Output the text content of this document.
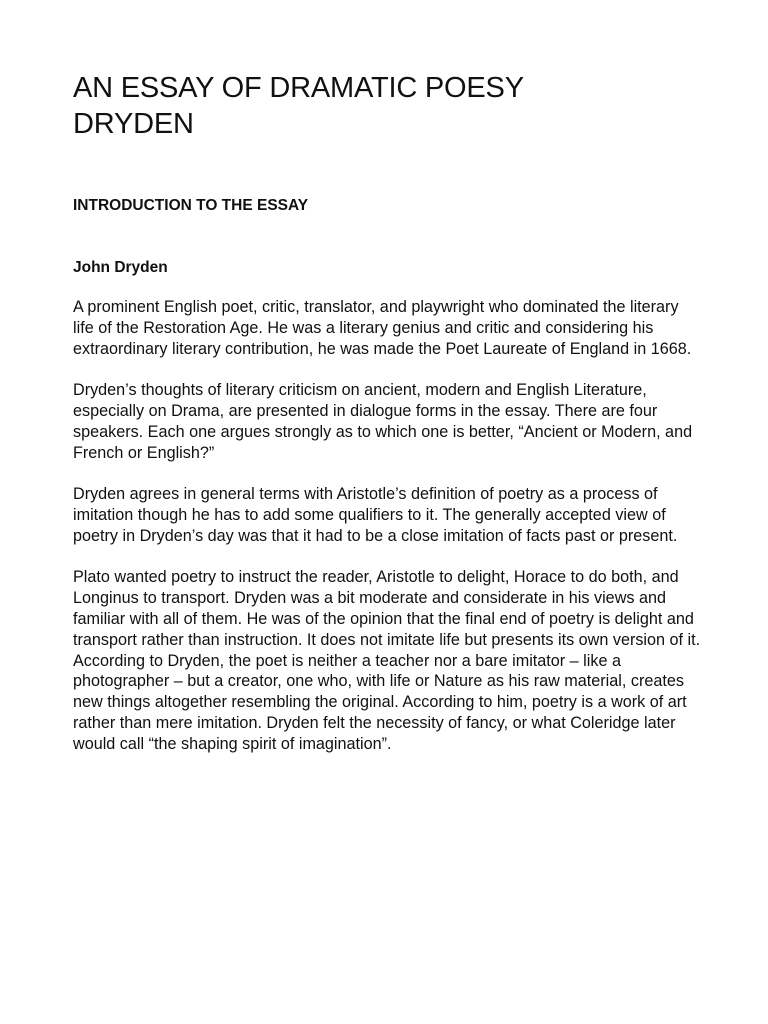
AN ESSAY OF DRAMATIC POESY
DRYDEN
INTRODUCTION TO THE ESSAY
John Dryden

A prominent English poet, critic, translator, and playwright who dominated the literary life of the Restoration Age. He was a literary genius and critic and considering his extraordinary literary contribution, he was made the Poet Laureate of England in 1668.

Dryden’s thoughts of literary criticism on ancient, modern and English Literature, especially on Drama, are presented in dialogue forms in the essay. There are four speakers. Each one argues strongly as to which one is better, “Ancient or Modern, and French or English?”

Dryden agrees in general terms with Aristotle’s definition of poetry as a process of imitation though he has to add some qualifiers to it. The generally accepted view of poetry in Dryden’s day was that it had to be a close imitation of facts past or present.

Plato wanted poetry to instruct the reader, Aristotle to delight, Horace to do both, and Longinus to transport. Dryden was a bit moderate and considerate in his views and familiar with all of them. He was of the opinion that the final end of poetry is delight and transport rather than instruction. It does not imitate life but presents its own version of it. According to Dryden, the poet is neither a teacher nor a bare imitator – like a photographer – but a creator, one who, with life or Nature as his raw material, creates new things altogether resembling the original. According to him, poetry is a work of art rather than mere imitation. Dryden felt the necessity of fancy, or what Coleridge later would call “the shaping spirit of imagination”.
